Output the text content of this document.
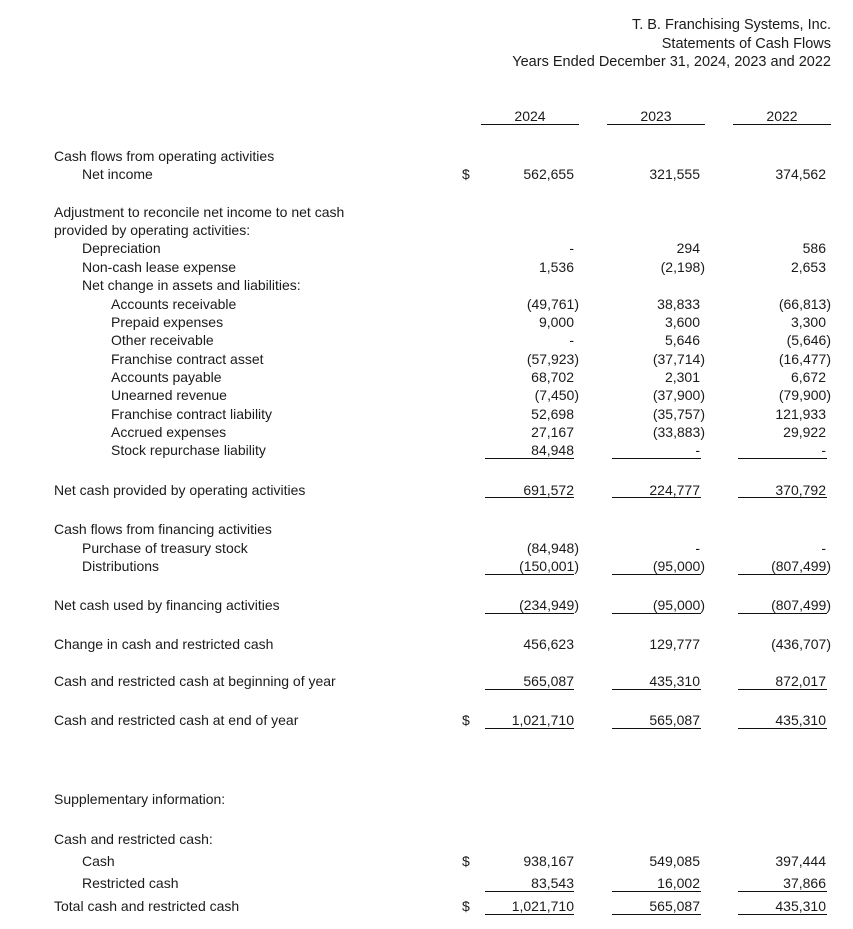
T. B. Franchising Systems, Inc.
Statements of Cash Flows
Years Ended December 31, 2024, 2023 and 2022
2024	2023	2022
Cash flows from operating activities
Net income	$	562,655	321,555	374,562
Adjustment to reconcile net income to net cash
provided by operating activities:
Depreciation	-	294	586
Non-cash lease expense	1,536	(2,198)	2,653
Net change in assets and liabilities:
Accounts receivable	(49,761)	38,833	(66,813)
Prepaid expenses	9,000	3,600	3,300
Other receivable	-	5,646	(5,646)
Franchise contract asset	(57,923)	(37,714)	(16,477)
Accounts payable	68,702	2,301	6,672
Unearned revenue	(7,450)	(37,900)	(79,900)
Franchise contract liability	52,698	(35,757)	121,933
Accrued expenses	27,167	(33,883)	29,922
Stock repurchase liability	84,948	-	-
Net cash provided by operating activities	691,572	224,777	370,792
Cash flows from financing activities
Purchase of treasury stock	(84,948)	-	-
Distributions	(150,001)	(95,000)	(807,499)
Net cash used by financing activities	(234,949)	(95,000)	(807,499)
Change in cash and restricted cash	456,623	129,777	(436,707)
Cash and restricted cash at beginning of year	565,087	435,310	872,017
Cash and restricted cash at end of year	$	1,021,710	565,087	435,310
Supplementary information:
Cash and restricted cash:
Cash	$	938,167	549,085	397,444
Restricted cash	83,543	16,002	37,866
Total cash and restricted cash	$	1,021,710	565,087	435,310
